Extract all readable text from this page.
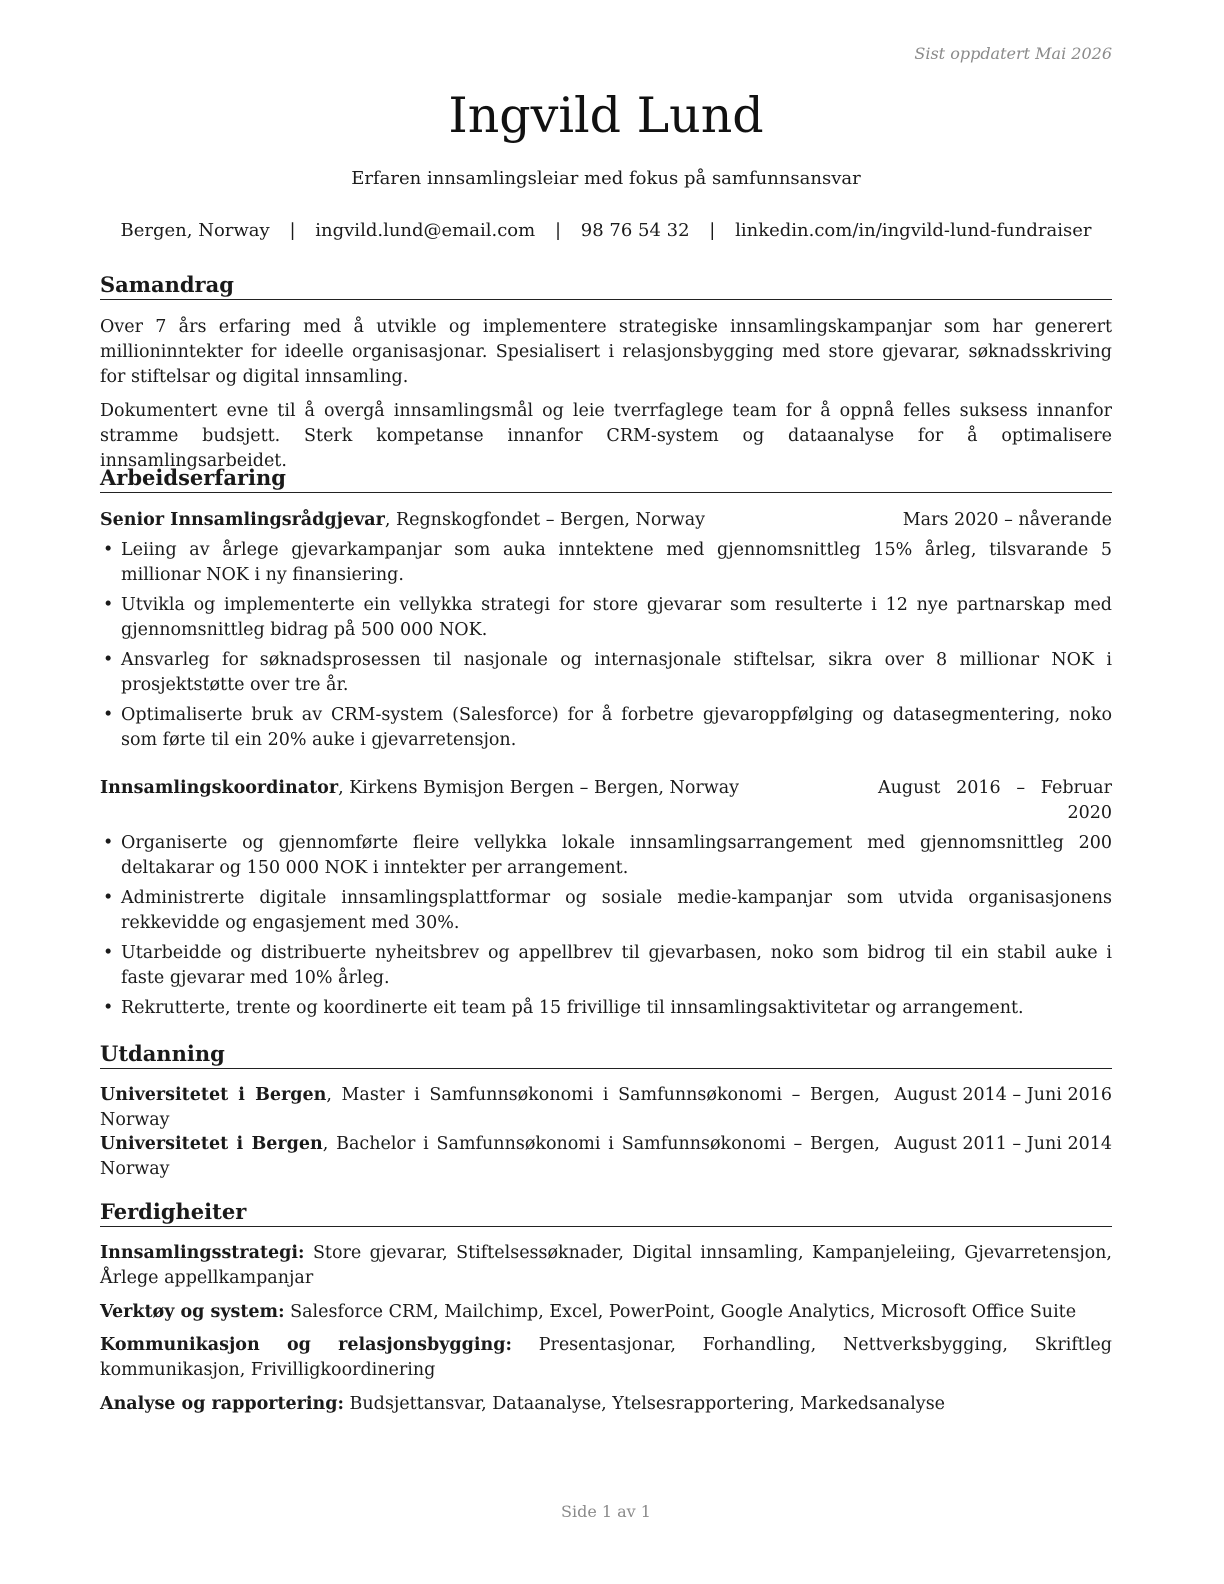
Sist oppdatert Mai 2026
Ingvild Lund
Erfaren innsamlingsleiar med fokus på samfunnsansvar
Bergen, Norway | ingvild.lund@email.com | 98 76 54 32 | linkedin.com/in/ingvild-lund-fundraiser
Samandrag
Over 7 års erfaring med å utvikle og implementere strategiske innsamlingskampanjar som har generert millioninntekter for ideelle organisasjonar. Spesialisert i relasjonsbygging med store gjevarar, søknadsskriving for stiftelsar og digital innsamling.
Dokumentert evne til å overgå innsamlingsmål og leie tverrfaglege team for å oppnå felles suksess innanfor stramme budsjett. Sterk kompetanse innanfor CRM-system og dataanalyse for å optimalisere innsamlingsarbeidet.
Arbeidserfaring
Senior Innsamlingsrådgjevar, Regnskogfondet – Bergen, Norway	Mars 2020 – nåverande
• Leiing av årlege gjevarkampanjar som auka inntektene med gjennomsnittleg 15% årleg, tilsvarande 5 millionar NOK i ny finansiering.
• Utvikla og implementerte ein vellykka strategi for store gjevarar som resulterte i 12 nye partnarskap med gjennomsnittleg bidrag på 500 000 NOK.
• Ansvarleg for søknadsprosessen til nasjonale og internasjonale stiftelsar, sikra over 8 millionar NOK i prosjektstøtte over tre år.
• Optimaliserte bruk av CRM-system (Salesforce) for å forbetre gjevaroppfølging og datasegmentering, noko som førte til ein 20% auke i gjevarretensjon.
Innsamlingskoordinator, Kirkens Bymisjon Bergen – Bergen, Norway	August 2016 – Februar 2020
• Organiserte og gjennomførte fleire vellykka lokale innsamlingsarrangement med gjennomsnittleg 200 deltakarar og 150 000 NOK i inntekter per arrangement.
• Administrerte digitale innsamlingsplattformar og sosiale medie-kampanjar som utvida organisasjonens rekkevidde og engasjement med 30%.
• Utarbeidde og distribuerte nyheitsbrev og appellbrev til gjevarbasen, noko som bidrog til ein stabil auke i faste gjevarar med 10% årleg.
• Rekrutterte, trente og koordinerte eit team på 15 frivillige til innsamlingsaktivitetar og arrangement.
Utdanning
Universitetet i Bergen, Master i Samfunnsøkonomi i Samfunnsøkonomi – Bergen, Norway
August 2014 – Juni 2016
Universitetet i Bergen, Bachelor i Samfunnsøkonomi i Samfunnsøkonomi – Bergen, Norway
August 2011 – Juni 2014
Ferdigheiter
Innsamlingsstrategi: Store gjevarar, Stiftelsessøknader, Digital innsamling, Kampanjeleiing, Gjevarretensjon, Årlege appellkampanjar
Verktøy og system: Salesforce CRM, Mailchimp, Excel, PowerPoint, Google Analytics, Microsoft Office Suite
Kommunikasjon og relasjonsbygging: Presentasjonar, Forhandling, Nettverksbygging, Skriftleg kommunikasjon, Frivilligkoordinering
Analyse og rapportering: Budsjettansvar, Dataanalyse, Ytelsesrapportering, Markedsanalyse
Side 1 av 1
